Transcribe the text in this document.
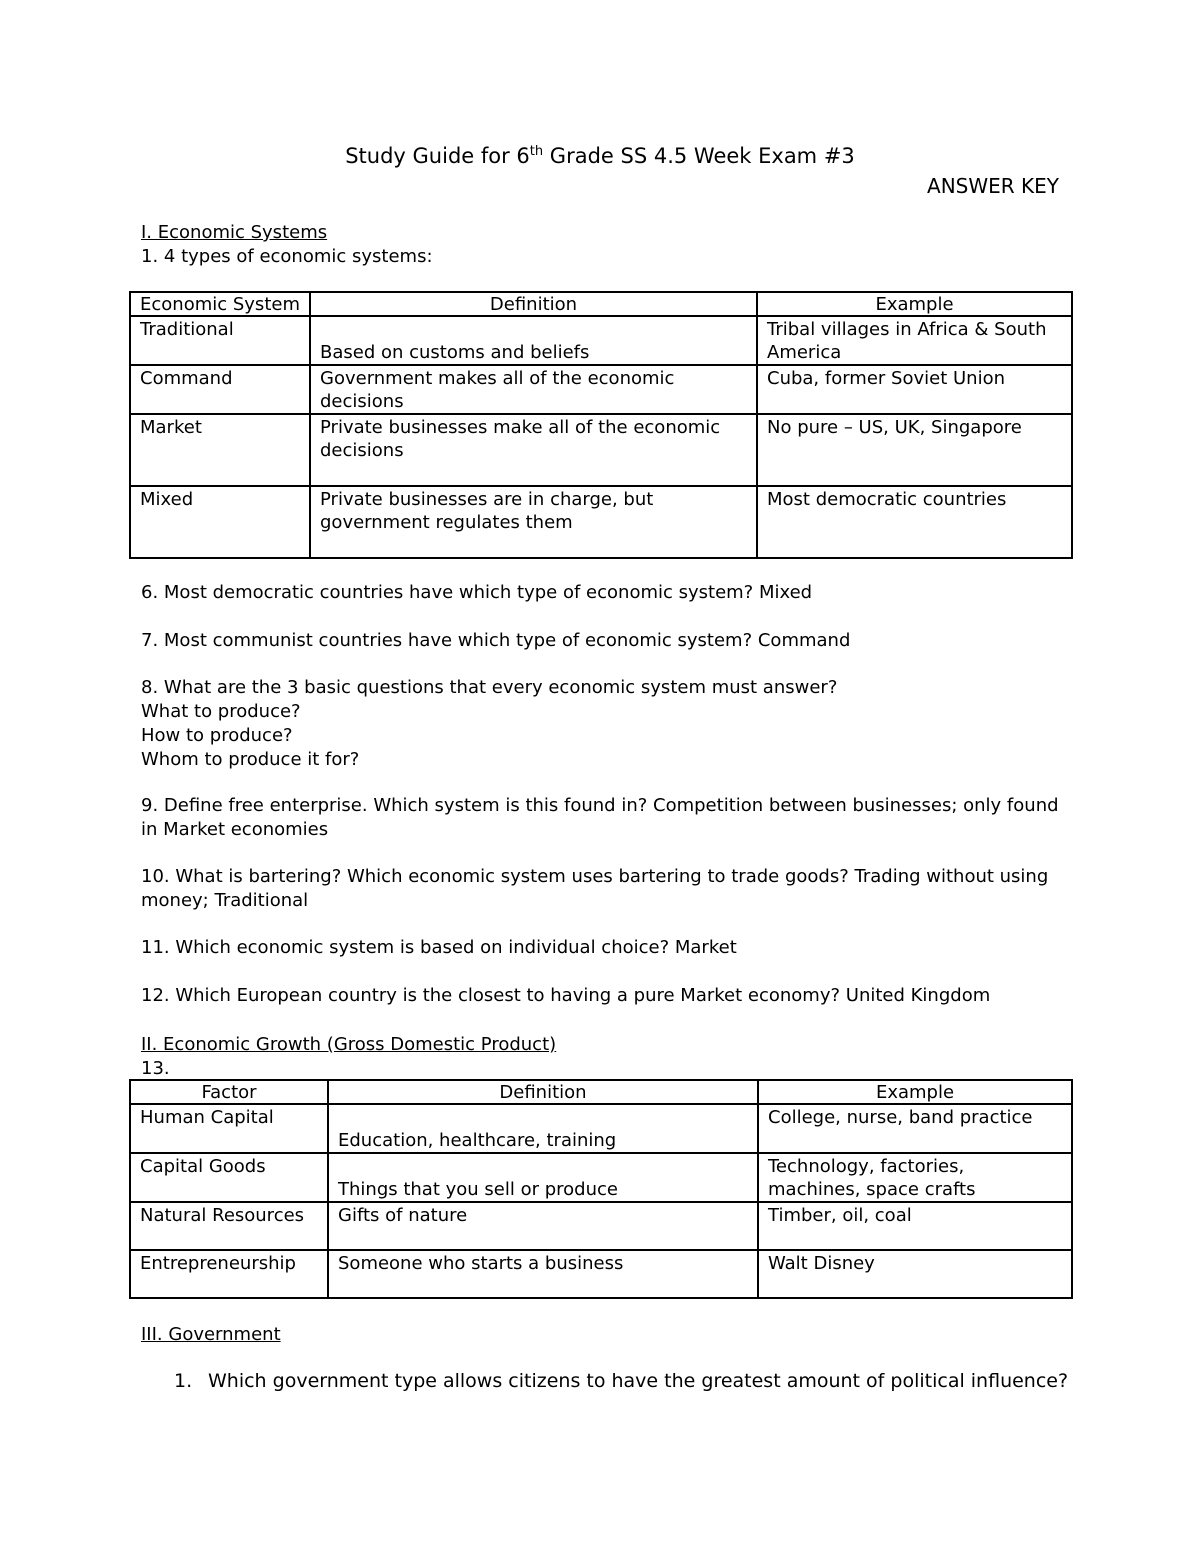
Study Guide for 6th Grade SS 4.5 Week Exam #3
ANSWER KEY
I. Economic Systems
1. 4 types of economic systems:
Economic System	Definition	Example
Traditional	Based on customs and beliefs	Tribal villages in Africa & South America
Command	Government makes all of the economic decisions	Cuba, former Soviet Union
Market	Private businesses make all of the economic decisions	No pure – US, UK, Singapore
Mixed	Private businesses are in charge, but government regulates them	Most democratic countries
6. Most democratic countries have which type of economic system? Mixed
7. Most communist countries have which type of economic system? Command
8. What are the 3 basic questions that every economic system must answer?
What to produce?
How to produce?
Whom to produce it for?
9. Define free enterprise. Which system is this found in? Competition between businesses; only found in Market economies
10. What is bartering? Which economic system uses bartering to trade goods? Trading without using money; Traditional
11. Which economic system is based on individual choice? Market
12. Which European country is the closest to having a pure Market economy? United Kingdom
II. Economic Growth (Gross Domestic Product)
13.
Factor	Definition	Example
Human Capital	Education, healthcare, training	College, nurse, band practice
Capital Goods	Things that you sell or produce	Technology, factories, machines, space crafts
Natural Resources	Gifts of nature	Timber, oil, coal
Entrepreneurship	Someone who starts a business	Walt Disney
III. Government
1. Which government type allows citizens to have the greatest amount of political influence?
